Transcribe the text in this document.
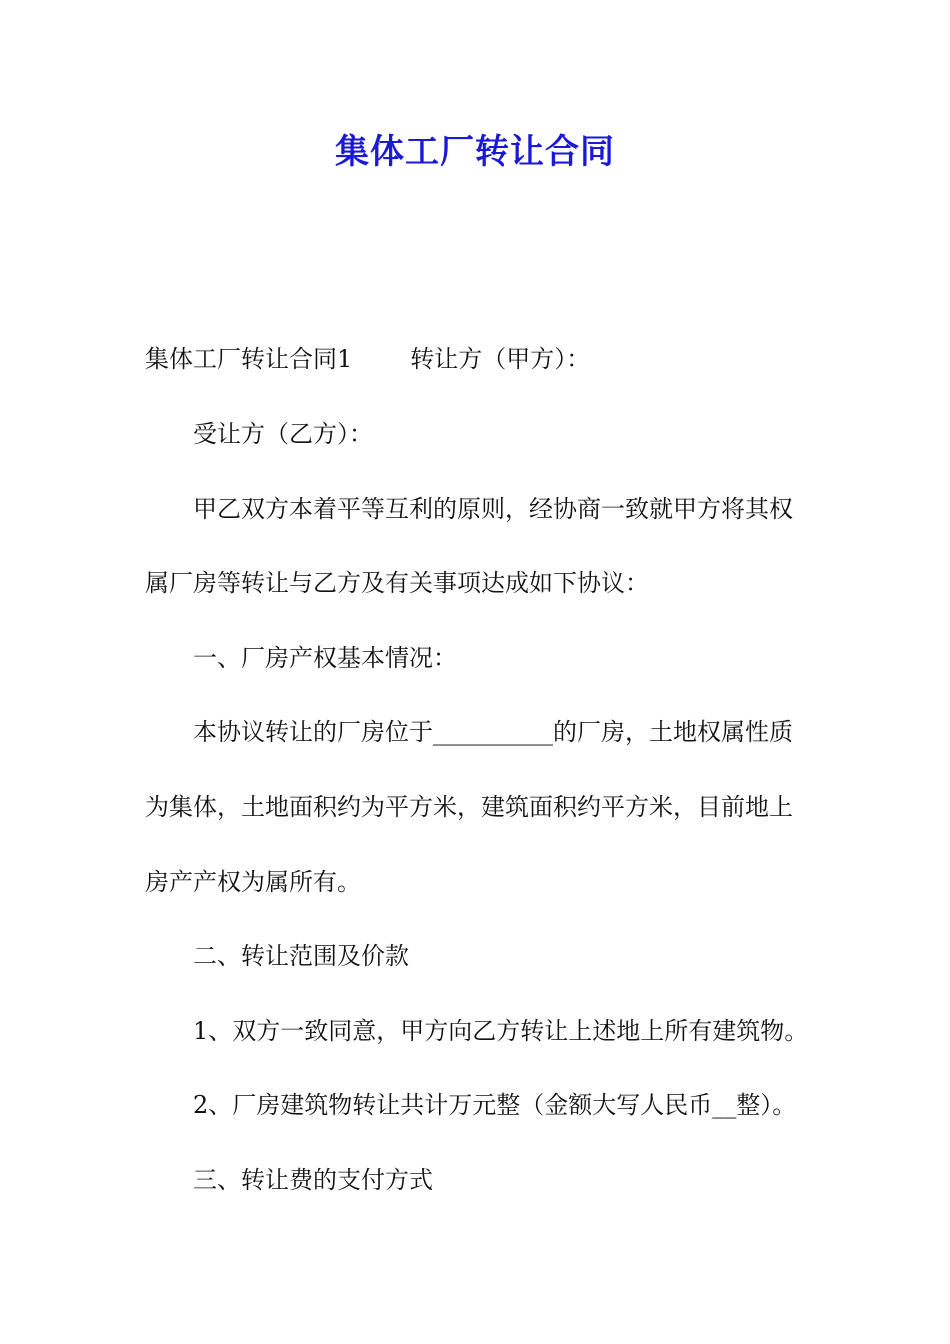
集体工厂转让合同
集体工厂转让合同1 转让方（甲方）：
受让方（乙方）：
甲乙双方本着平等互利的原则，经协商一致就甲方将其权
属厂房等转让与乙方及有关事项达成如下协议：
一、厂房产权基本情况：
本协议转让的厂房位于__________的厂房，土地权属性质
为集体，土地面积约为平方米，建筑面积约平方米，目前地上
房产产权为属所有。
二、转让范围及价款
1、双方一致同意，甲方向乙方转让上述地上所有建筑物。
2、厂房建筑物转让共计万元整（金额大写人民币__整）。
三、转让费的支付方式
